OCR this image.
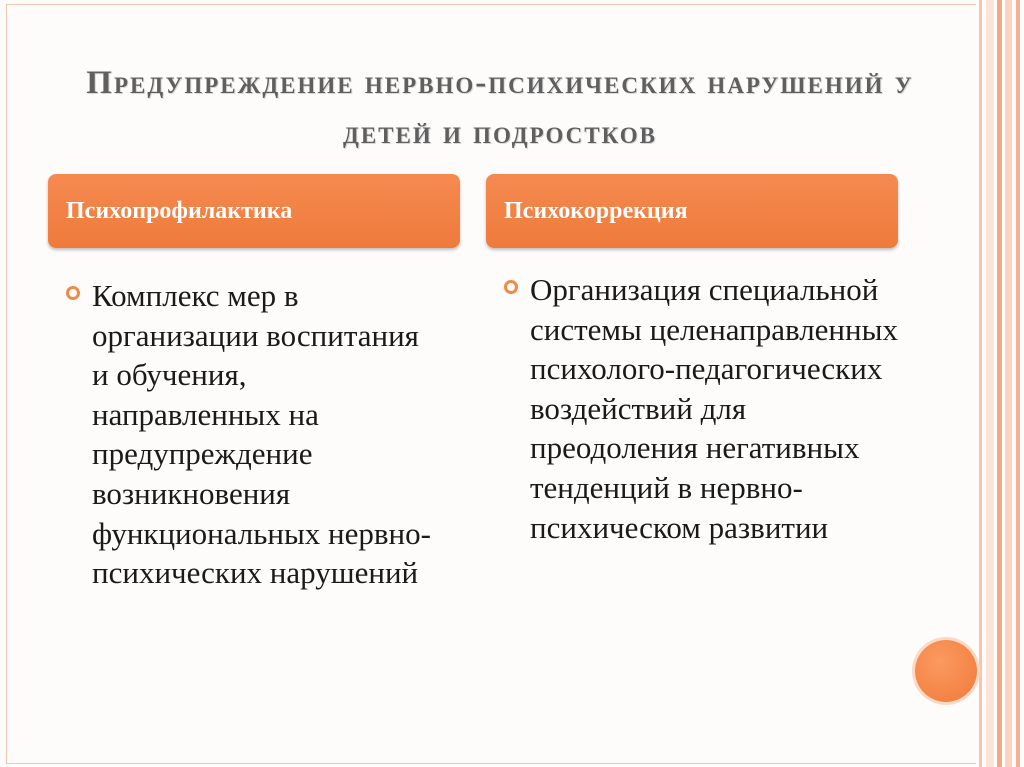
Предупреждение нервно-психических нарушений у детей и подростков
Психопрофилактика	Психокоррекция
Комплекс мер в организации воспитания и обучения, направленных на предупреждение возникновения функциональных нервно-психических нарушений
Организация специальной системы целенаправленных психолого-педагогических воздействий для преодоления негативных тенденций в нервно-психическом развитии
